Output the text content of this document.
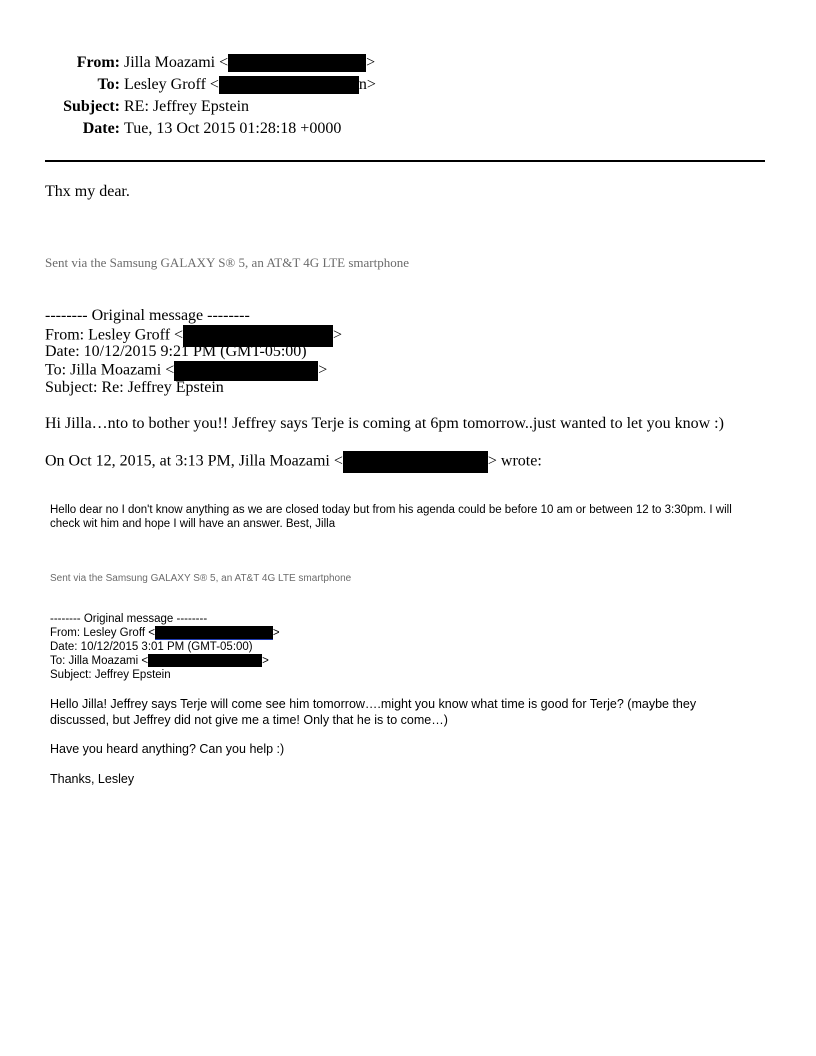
From: Jilla Moazami <	>
To: Lesley Groff <	n>
Subject: RE: Jeffrey Epstein
Date: Tue, 13 Oct 2015 01:28:18 +0000
Thx my dear.
Sent via the Samsung GALAXY S® 5, an AT&T 4G LTE smartphone
-------- Original message --------
From: Lesley Groff <	>
Date: 10/12/2015 9:21 PM (GMT-05:00)
To: Jilla Moazami <	>
Subject: Re: Jeffrey Epstein
Hi Jilla…nto to bother you!! Jeffrey says Terje is coming at 6pm tomorrow..just wanted to let you know :)
On Oct 12, 2015, at 3:13 PM, Jilla Moazami <	> wrote:
Hello dear no I don't know anything as we are closed today but from his agenda could be before 10 am or between 12 to 3:30pm. I will
check wit him and hope I will have an answer. Best, Jilla
Sent via the Samsung GALAXY S® 5, an AT&T 4G LTE smartphone
-------- Original message --------
From: Lesley Groff <	>
Date: 10/12/2015 3:01 PM (GMT-05:00)
To: Jilla Moazami <	>
Subject: Jeffrey Epstein
Hello Jilla! Jeffrey says Terje will come see him tomorrow….might you know what time is good for Terje? (maybe they
discussed, but Jeffrey did not give me a time! Only that he is to come…)
Have you heard anything? Can you help :)
Thanks, Lesley
